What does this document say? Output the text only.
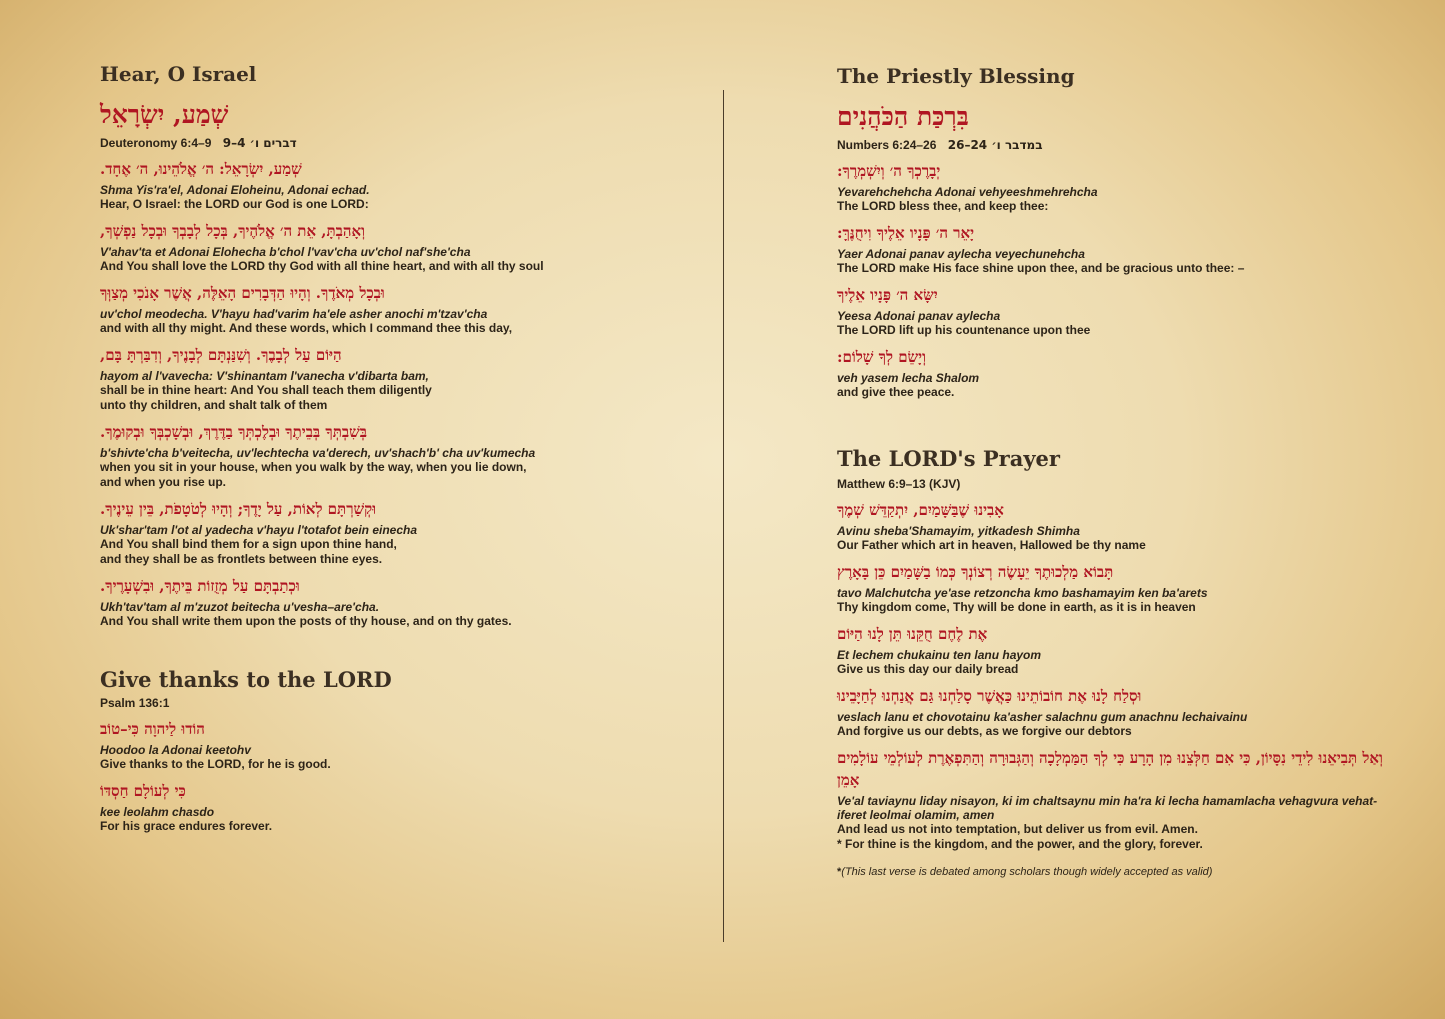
Hear, O Israel
שְׁמַע, יִשְׂרָאֵל
Deuteronomy 6:4–9 דברים ו׳ 4–9
שְׁמַע, יִשְׂרָאֵל: ה׳ אֱלֹהֵינוּ, ה׳ אֶחָד.
Shma Yis'ra'el, Adonai Eloheinu, Adonai echad.
Hear, O Israel: the LORD our God is one LORD:
וְאָהַבְתָּ, אֵת ה׳ אֱלֹהֶיךָ, בְּכָל לְבָבְךָ וּבְכָל נַפְשְׁךָ,
V'ahav'ta et Adonai Elohecha b'chol l'vav'cha uv'chol naf'she'cha
And You shall love the LORD thy God with all thine heart, and with all thy soul
וּבְכָל מְאֹדֶךָ. וְהָיוּ הַדְּבָרִים הָאֵלֶּה, אֲשֶׁר אָנֹכִי מְצַוְּךָ
uv'chol meodecha. V'hayu had'varim ha'ele asher anochi m'tzav'cha
and with all thy might. And these words, which I command thee this day,
הַיּוֹם עַל לְבָבֶךָ. וְשִׁנַּנְתָּם לְבָנֶיךָ, וְדִבַּרְתָּ בָּם,
hayom al l'vavecha: V'shinantam l'vanecha v'dibarta bam,
shall be in thine heart: And You shall teach them diligently
unto thy children, and shalt talk of them
בְּשִׁבְתְּךָ בְּבֵיתֶךָ וּבְלֶכְתְּךָ בַדֶּרֶךְ, וּבְשָׁכְבְּךָ וּבְקוּמֶךָ.
b'shivte'cha b'veitecha, uv'lechtecha va'derech, uv'shach'b' cha uv'kumecha
when you sit in your house, when you walk by the way, when you lie down,
and when you rise up.
וּקְשַׁרְתָּם לְאוֹת, עַל יָדֶךָ; וְהָיוּ לְטֹטָפֹת, בֵּין עֵינֶיךָ.
Uk'shar'tam l'ot al yadecha v'hayu l'totafot bein einecha
And You shall bind them for a sign upon thine hand,
and they shall be as frontlets between thine eyes.
וּכְתַבְתָּם עַל מְזֻזוֹת בֵּיתֶךָ, וּבִשְׁעָרֶיךָ.
Ukh'tav'tam al m'zuzot beitecha u'vesha–are'cha.
And You shall write them upon the posts of thy house, and on thy gates.
Give thanks to the LORD
Psalm 136:1
הוֹדוּ לַיהוָה כִּי–טוֹב
Hoodoo la Adonai keetohv
Give thanks to the LORD, for he is good.
כִּי לְעוֹלָם חַסְדּוֹ
kee leolahm chasdo
For his grace endures forever.
The Priestly Blessing
בִּרְכַּת הַכֹּהֲנִים
Numbers 6:24–26 במדבר ו׳ 24–26
יְבָרֶכְךָ ה׳ וְיִשְׁמְרֶךָ:
Yevarehchehcha Adonai vehyeeshmehrehcha
The LORD bless thee, and keep thee:
יָאֵר ה׳ פָּנָיו אֵלֶיךָ וִיחֻנֶּךָּ:
Yaer Adonai panav aylecha veyechunehcha
The LORD make His face shine upon thee, and be gracious unto thee: –
יִשָּׂא ה׳ פָּנָיו אֵלֶיךָ
Yeesa Adonai panav aylecha
The LORD lift up his countenance upon thee
וְיָשֵׂם לְךָ שָׁלוֹם:
veh yasem lecha Shalom
and give thee peace.
The LORD's Prayer
Matthew 6:9–13 (KJV)
אָבִינוּ שֶׁבַּשָּׁמַיִם, יִתְקַדֵּשׁ שְׁמֶךָ
Avinu sheba'Shamayim, yitkadesh Shimha
Our Father which art in heaven, Hallowed be thy name
תָּבוֹא מַלְכוּתֶךָ יֵעָשֶׂה רְצוֹנְךָ כְּמוֹ בַשָּׁמַיִם כֵּן בָּאָרֶץ
tavo Malchutcha ye'ase retzoncha kmo bashamayim ken ba'arets
Thy kingdom come, Thy will be done in earth, as it is in heaven
אֶת לֶחֶם חֻקֵּנוּ תֵּן לָנוּ הַיּוֹם
Et lechem chukainu ten lanu hayom
Give us this day our daily bread
וּסְלַח לָנוּ אֶת חוֹבוֹתֵינוּ כַּאֲשֶׁר סָלַחְנוּ גַּם אֲנַחְנוּ לְחַיָּבֵינוּ
veslach lanu et chovotainu ka'asher salachnu gum anachnu lechaivainu
And forgive us our debts, as we forgive our debtors
וְאַל תְּבִיאֵנוּ לִידֵי נִסָּיוֹן, כִּי אִם חַלְּצֵנוּ מִן הָרָע כִּי לְךָ הַמַּמְלָכָה וְהַגְּבוּרָה וְהַתִּפְאֶרֶת לְעוֹלְמֵי עוֹלָמִים אָמֵן
Ve'al taviaynu liday nisayon, ki im chaltsaynu min ha'ra ki lecha hamamlacha vehagvura vehat-iferet leolmai olamim, amen
And lead us not into temptation, but deliver us from evil. Amen.
* For thine is the kingdom, and the power, and the glory, forever.
*(This last verse is debated among scholars though widely accepted as valid)
